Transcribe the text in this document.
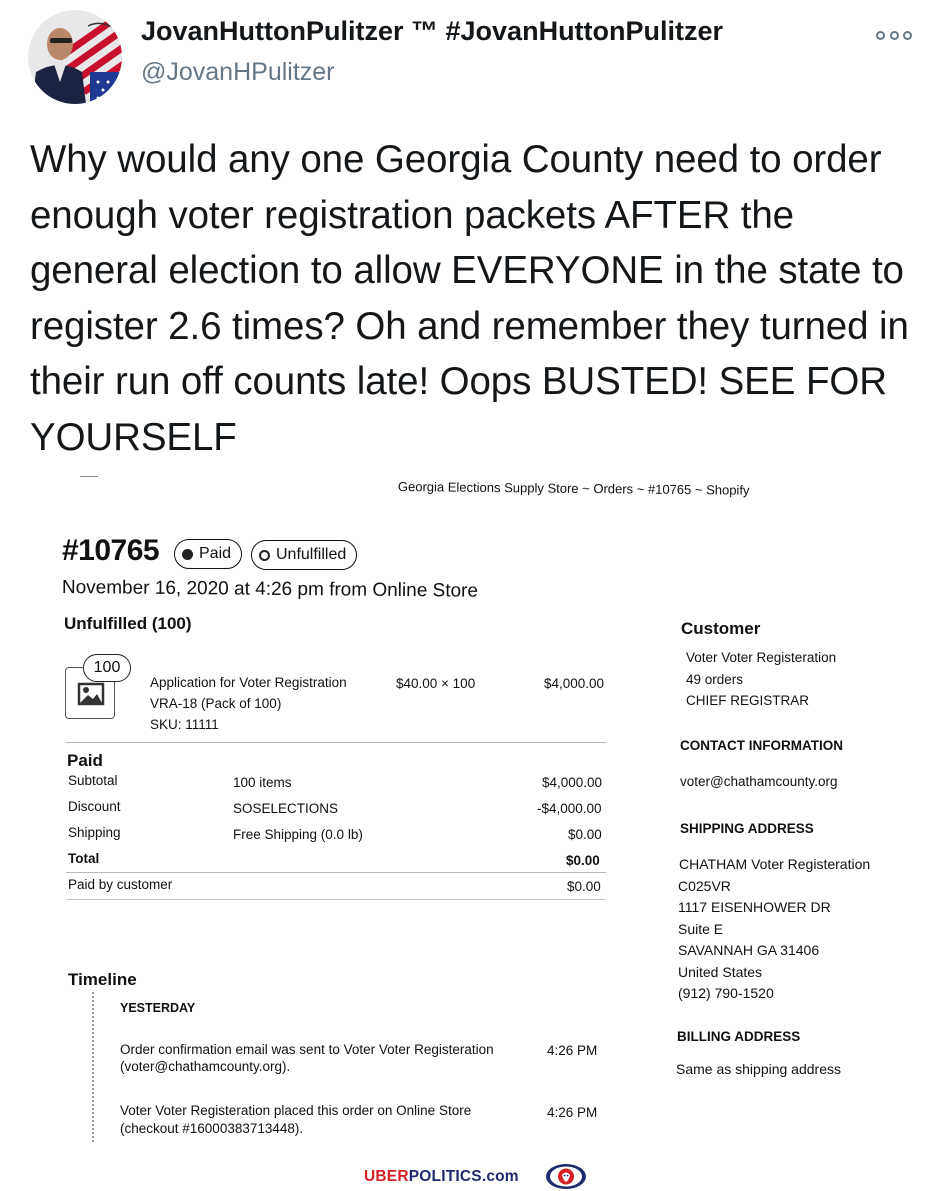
JovanHuttonPulitzer ™ #JovanHuttonPulitzer
@JovanHPulitzer
Why would any one Georgia County need to order enough voter registration packets AFTER the general election to allow EVERYONE in the state to register 2.6 times? Oh and remember they turned in their run off counts late! Oops BUSTED! SEE FOR YOURSELF
Georgia Elections Supply Store ~ Orders ~ #10765 ~ Shopify
#10765 Paid	Unfulfilled
November 16, 2020 at 4:26 pm from Online Store
Unfulfilled (100)
100
Application for Voter Registration
VRA-18 (Pack of 100)
SKU: 11111
$40.00 × 100	$4,000.00
Paid
Subtotal	100 items	$4,000.00
Discount	SOSELECTIONS	-$4,000.00
Shipping	Free Shipping (0.0 lb)	$0.00
Total	$0.00
Paid by customer	$0.00
Timeline
YESTERDAY
Order confirmation email was sent to Voter Voter Registeration
(voter@chathamcounty.org).
4:26 PM
Voter Voter Registeration placed this order on Online Store
(checkout #16000383713448).
4:26 PM
Customer
Voter Voter Registeration
49 orders
CHIEF REGISTRAR
CONTACT INFORMATION
voter@chathamcounty.org
SHIPPING ADDRESS
CHATHAM Voter Registeration
C025VR
1117 EISENHOWER DR
Suite E
SAVANNAH GA 31406
United States
(912) 790-1520
BILLING ADDRESS
Same as shipping address
UBERPOLITICS.com
